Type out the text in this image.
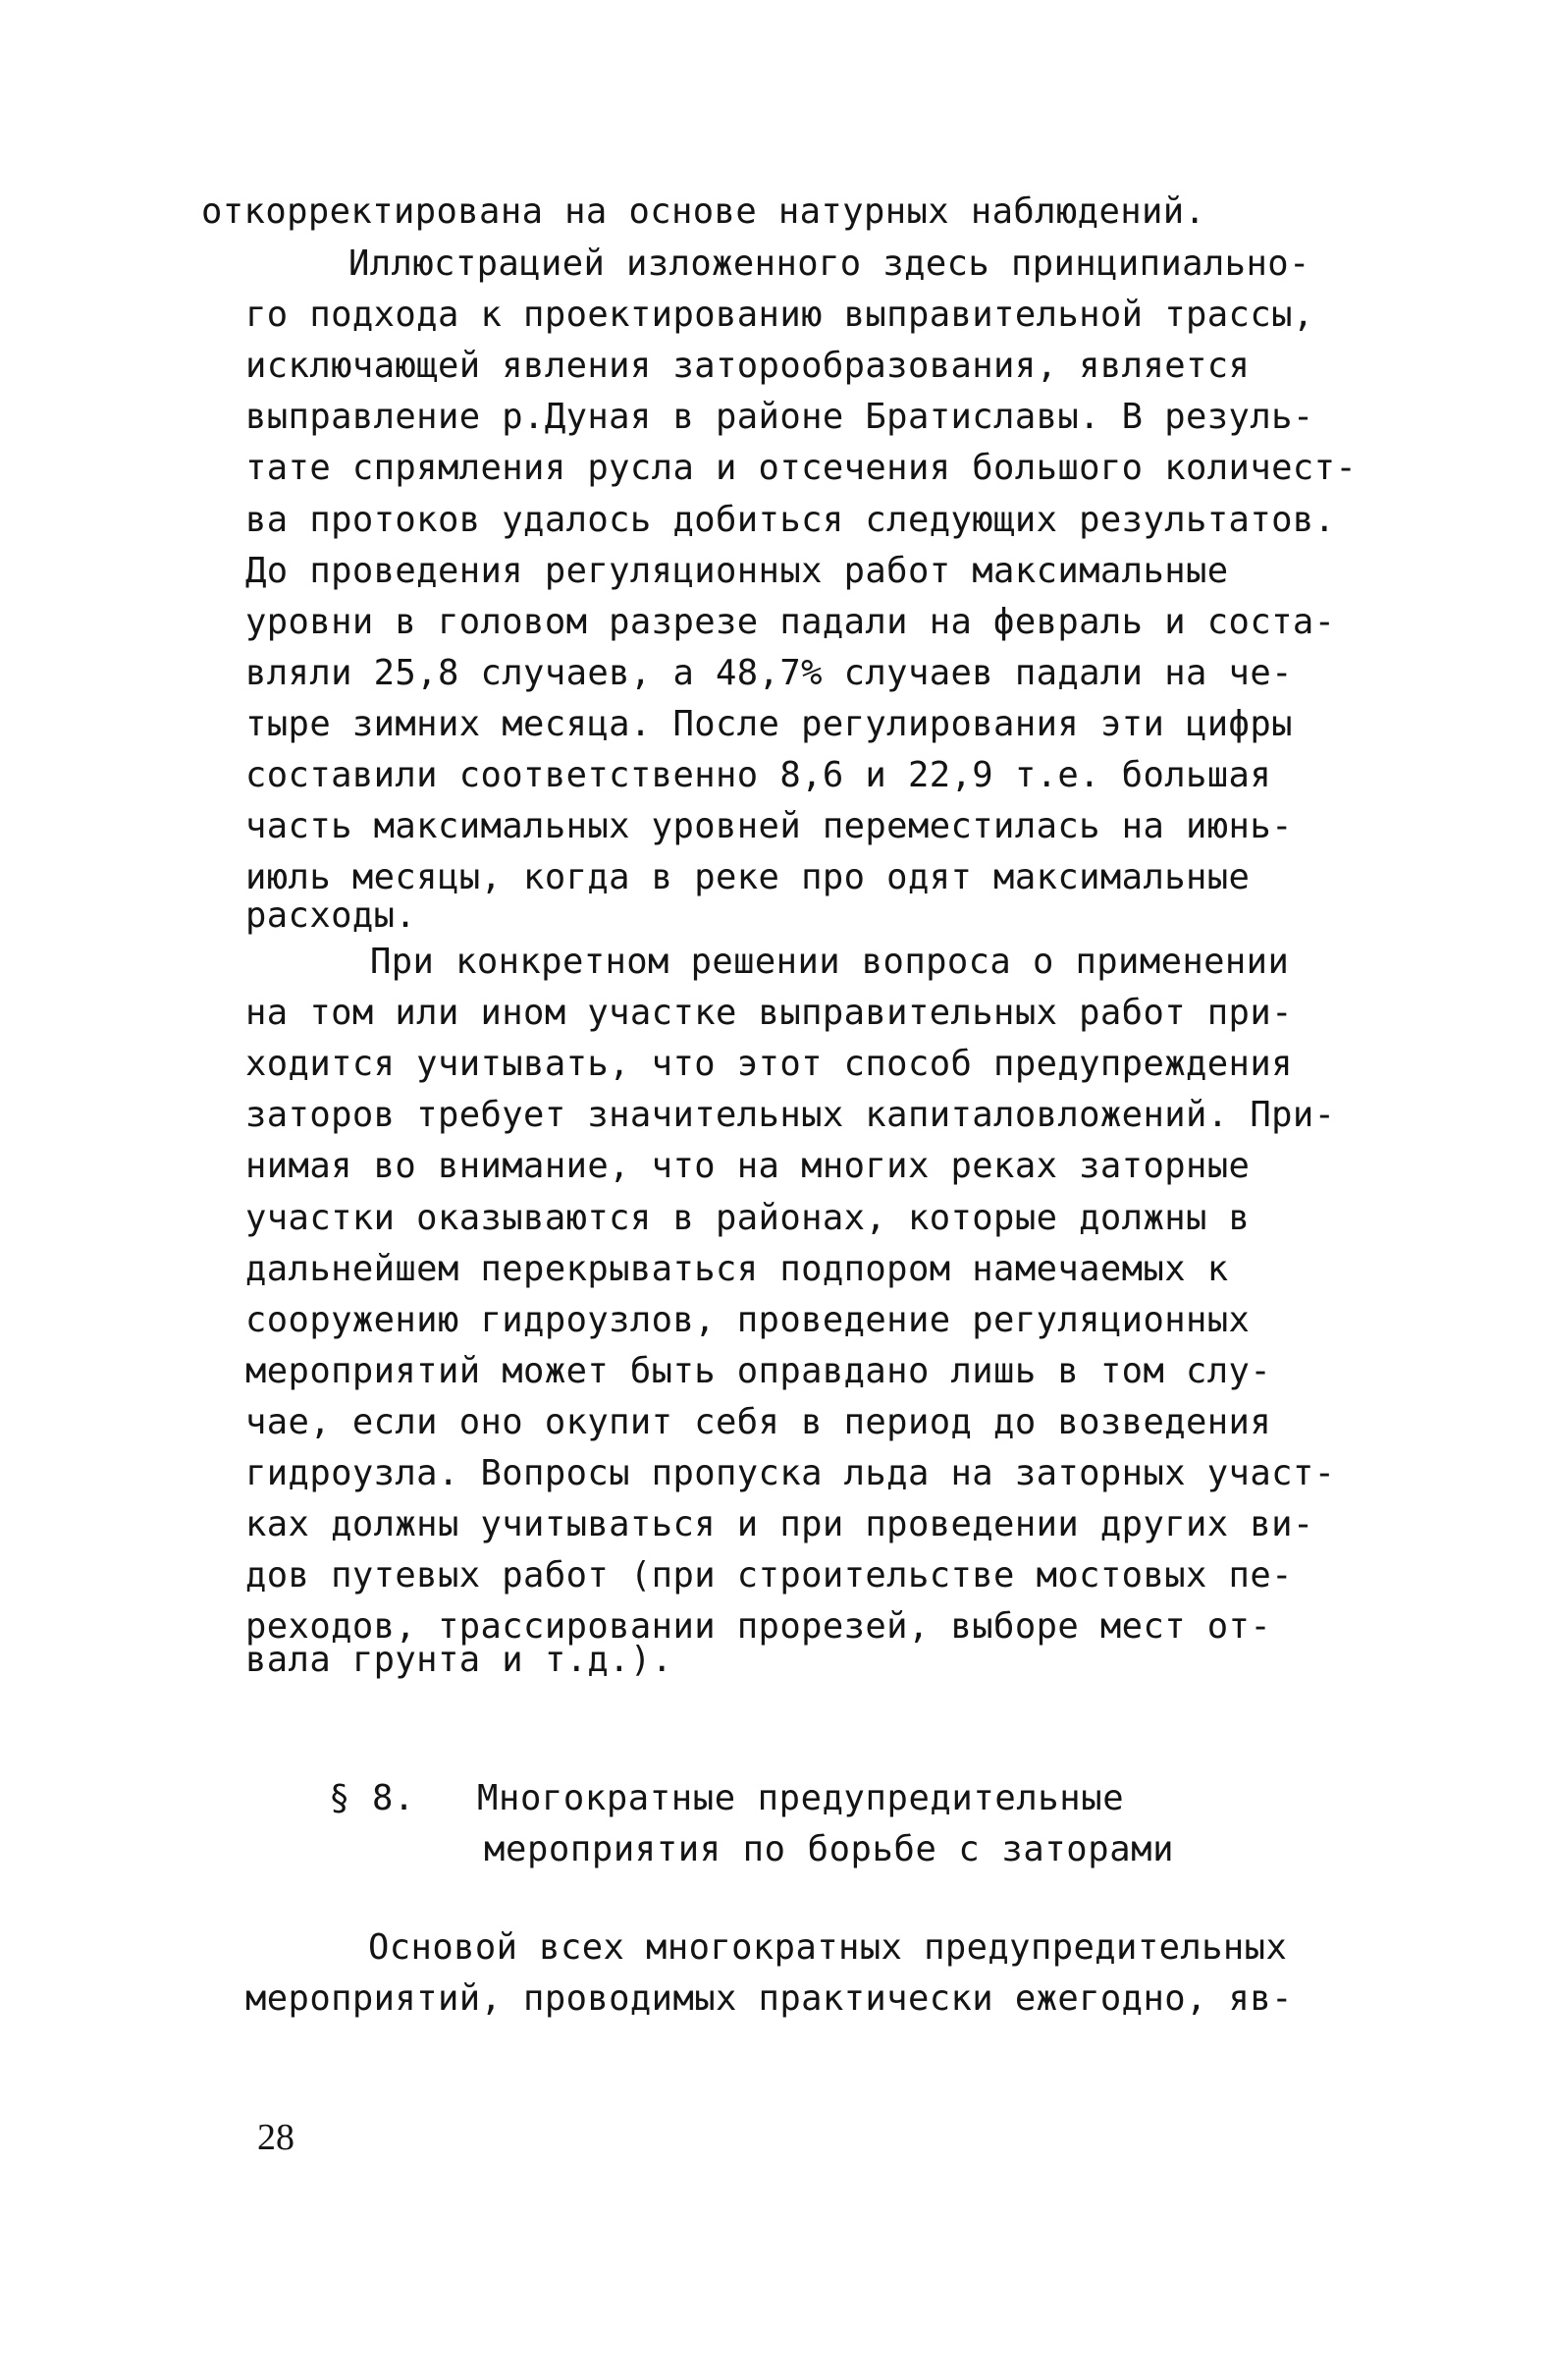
откорректирована на основе натурных наблюдений.
Иллюстрацией изложенного здесь принципиально-
го подхода к проектированию выправительной трассы,
исключающей явления заторообразования, является
выправление р.Дуная в районе Братиславы. В резуль-
тате спрямления русла и отсечения большого количест-
ва протоков удалось добиться следующих результатов.
До проведения регуляционных работ максимальные
уровни в головом разрезе падали на февраль и соста-
вляли 25,8 случаев, а 48,7% случаев падали на че-
тыре зимних месяца. После регулирования эти цифры
составили соответственно 8,6 и 22,9 т.е. большая
часть максимальных уровней переместилась на июнь-
июль месяцы, когда в реке про одят максимальные
расходы.
При конкретном решении вопроса о применении
на том или ином участке выправительных работ при-
ходится учитывать, что этот способ предупреждения
заторов требует значительных капиталовложений. При-
нимая во внимание, что на многих реках заторные
участки оказываются в районах, которые должны в
дальнейшем перекрываться подпором намечаемых к
сооружению гидроузлов, проведение регуляционных
мероприятий может быть оправдано лишь в том слу-
чае, если оно окупит себя в период до возведения
гидроузла. Вопросы пропуска льда на заторных участ-
ках должны учитываться и при проведении других ви-
дов путевых работ (при строительстве мостовых пе-
реходов, трассировании прорезей, выборе мест от-
вала грунта и т.д.).
§ 8. Многократные предупредительные
мероприятия по борьбе с заторами
Основой всех многократных предупредительных
мероприятий, проводимых практически ежегодно, яв-
28
